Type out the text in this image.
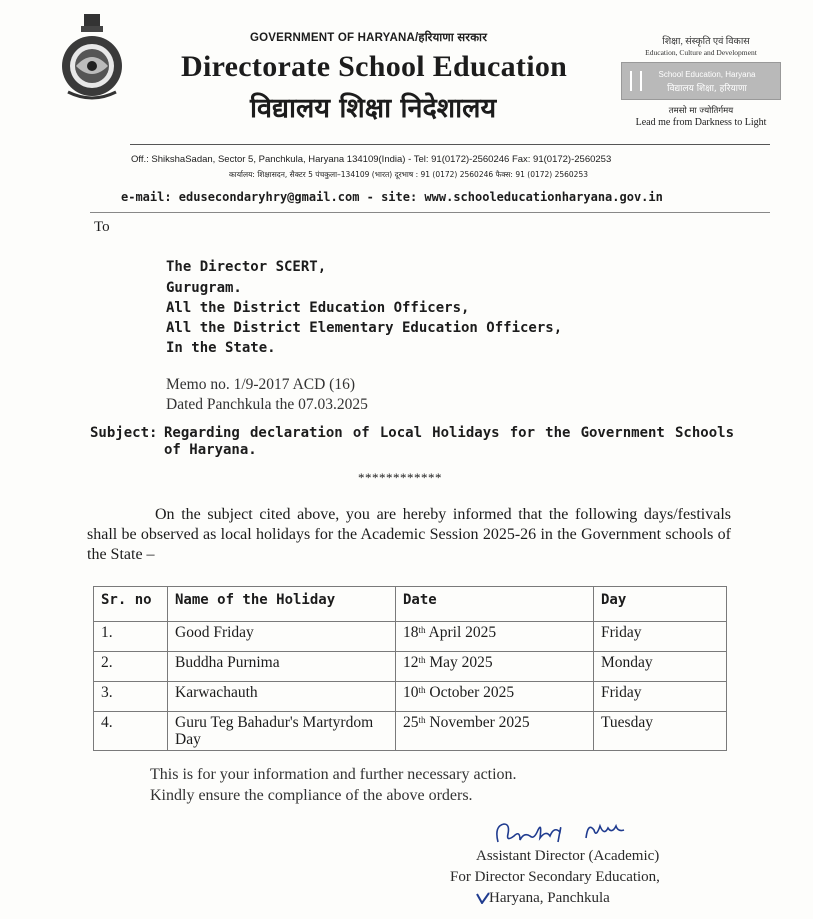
GOVERNMENT OF HARYANA/हरियाणा सरकार
Directorate School Education
विद्यालय शिक्षा निदेशालय
शिक्षा, संस्कृति एवं विकास
Education, Culture and Development
School Education, Haryana
विद्यालय शिक्षा, हरियाणा
तमसो मा ज्योतिर्गमय
Lead me from Darkness to Light
Off.: ShikshaSadan, Sector 5, Panchkula, Haryana 134109(India) - Tel: 91(0172)-2560246 Fax: 91(0172)-2560253
कार्यालय: शिक्षासदन, सैक्टर 5 पंचकुला–134109 (भारत) दूरभाष : 91 (0172) 2560246 फैक्स: 91 (0172) 2560253
e-mail: edusecondaryhry@gmail.com - site: www.schooleducationharyana.gov.in
To
The Director SCERT,
Gurugram.
All the District Education Officers,
All the District Elementary Education Officers,
In the State.
Memo no. 1/9-2017 ACD (16)
Dated Panchkula the 07.03.2025
Subject: Regarding declaration of Local Holidays for the Government Schools of Haryana.
************
On the subject cited above, you are hereby informed that the following days/festivals shall be observed as local holidays for the Academic Session 2025-26 in the Government schools of the State –
Sr. no	Name of the Holiday	Date	Day
1.	Good Friday	18th April 2025	Friday
2.	Buddha Purnima	12th May 2025	Monday
3.	Karwachauth	10th October 2025	Friday
4.	Guru Teg Bahadur's Martyrdom Day	25th November 2025	Tuesday
This is for your information and further necessary action.
Kindly ensure the compliance of the above orders.
Assistant Director (Academic)
For Director Secondary Education,
Haryana, Panchkula
